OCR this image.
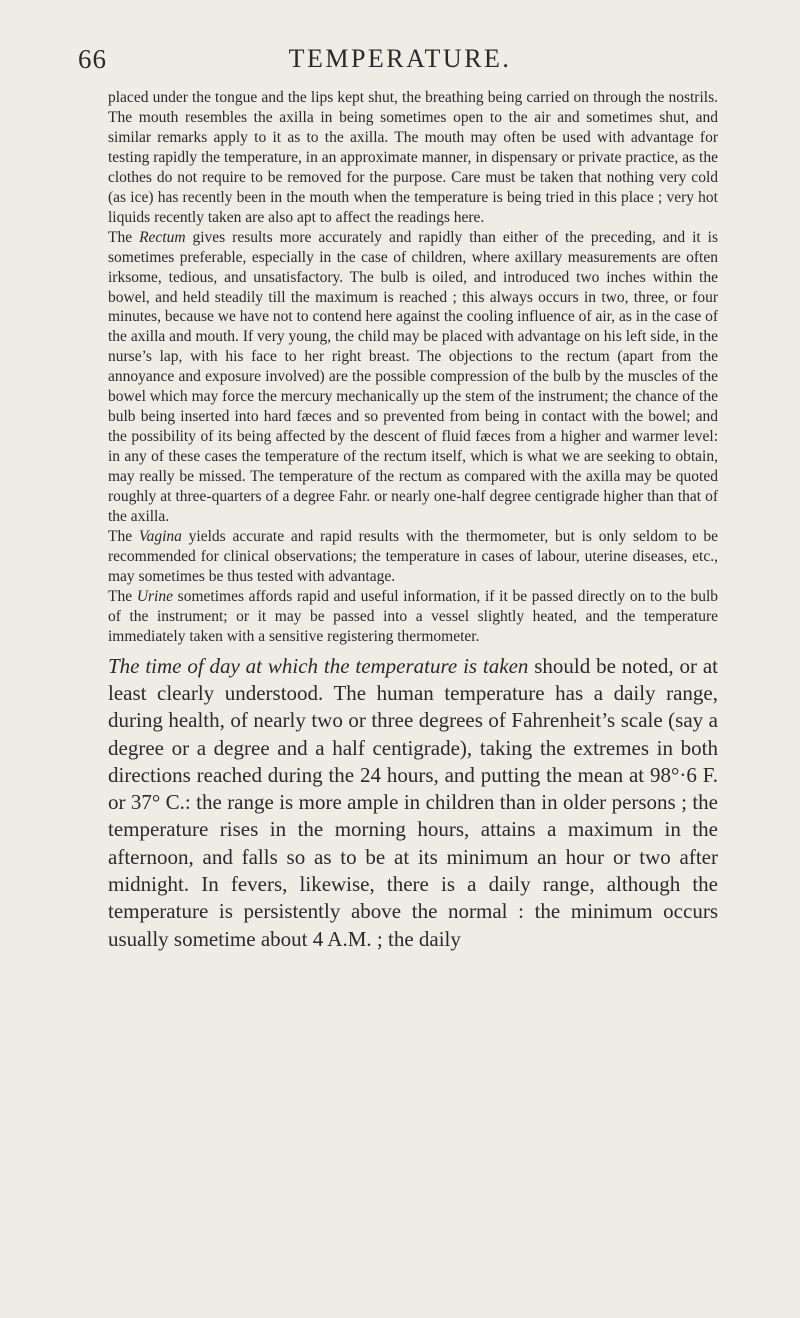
66	TEMPERATURE.

placed under the tongue and the lips kept shut, the breathing being carried on through the nostrils. The mouth resembles the axilla in being sometimes open to the air and sometimes shut, and similar remarks apply to it as to the axilla. The mouth may often be used with advantage for testing rapidly the temperature, in an approximate manner, in dispensary or private practice, as the clothes do not require to be removed for the purpose. Care must be taken that nothing very cold (as ice) has recently been in the mouth when the temperature is being tried in this place ; very hot liquids recently taken are also apt to affect the readings here.

The Rectum gives results more accurately and rapidly than either of the preceding, and it is sometimes preferable, especially in the case of children, where axillary measurements are often irksome, tedious, and unsatisfactory. The bulb is oiled, and introduced two inches within the bowel, and held steadily till the maximum is reached ; this always occurs in two, three, or four minutes, because we have not to contend here against the cooling influence of air, as in the case of the axilla and mouth. If very young, the child may be placed with advantage on his left side, in the nurse’s lap, with his face to her right breast. The objections to the rectum (apart from the annoyance and exposure involved) are the possible compression of the bulb by the muscles of the bowel which may force the mercury mechanically up the stem of the instrument; the chance of the bulb being inserted into hard fæces and so prevented from being in contact with the bowel; and the possibility of its being affected by the descent of fluid fæces from a higher and warmer level: in any of these cases the temperature of the rectum itself, which is what we are seeking to obtain, may really be missed. The temperature of the rectum as compared with the axilla may be quoted roughly at three-quarters of a degree Fahr. or nearly one-half degree centigrade higher than that of the axilla.

The Vagina yields accurate and rapid results with the thermometer, but is only seldom to be recommended for clinical observations; the temperature in cases of labour, uterine diseases, etc., may sometimes be thus tested with advantage.

The Urine sometimes affords rapid and useful information, if it be passed directly on to the bulb of the instrument; or it may be passed into a vessel slightly heated, and the temperature immediately taken with a sensitive registering thermometer.

The time of day at which the temperature is taken should be noted, or at least clearly understood. The human temperature has a daily range, during health, of nearly two or three degrees of Fahrenheit’s scale (say a degree or a degree and a half centigrade), taking the extremes in both directions reached during the 24 hours, and putting the mean at 98°·6 F. or 37° C.: the range is more ample in children than in older persons ; the temperature rises in the morning hours, attains a maximum in the afternoon, and falls so as to be at its minimum an hour or two after midnight. In fevers, likewise, there is a daily range, although the temperature is persistently above the normal : the minimum occurs usually sometime about 4 A.M. ; the daily
